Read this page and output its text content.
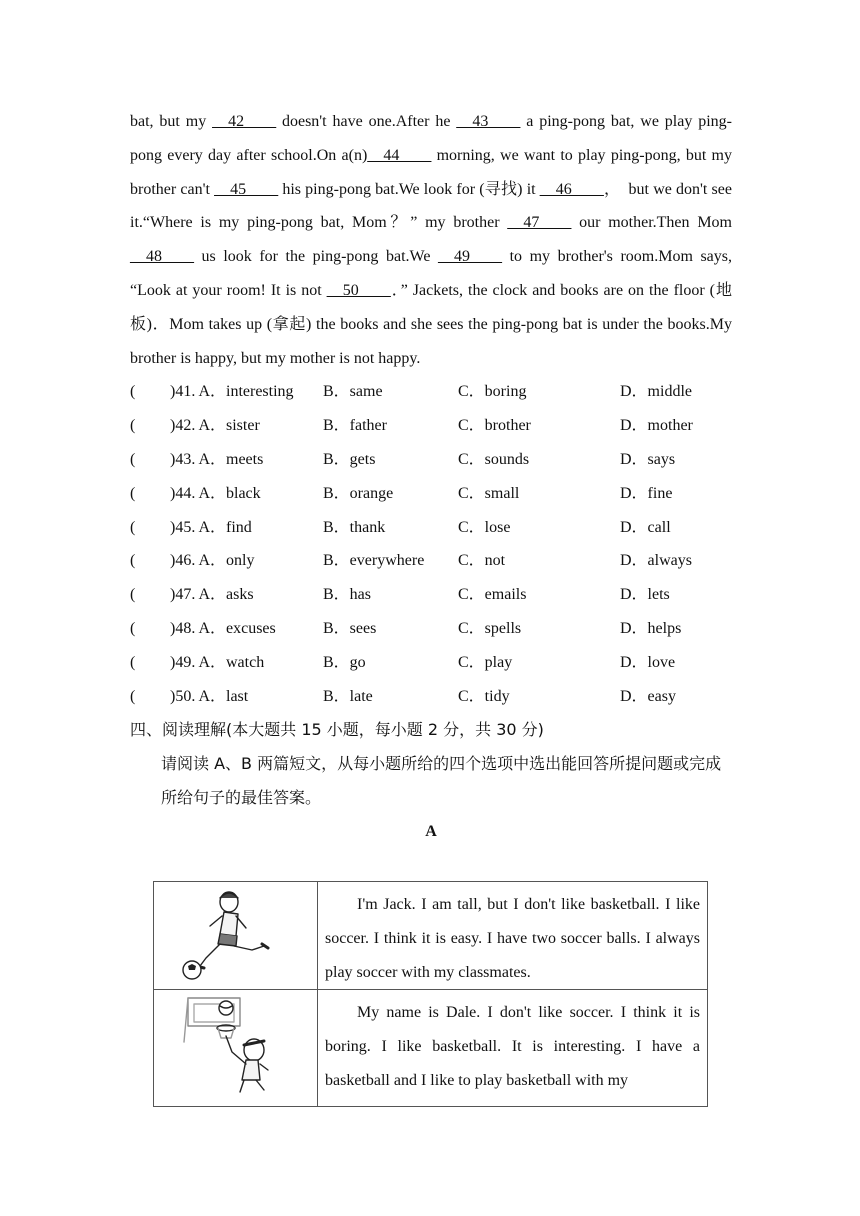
bat, but my __42____ doesn't have one.After he __43____ a ping-pong bat, we play ping-pong every day after school.On a(n)__44____ morning, we want to play ping-pong, but my brother can't __45____ his ping-pong bat.We look for (寻找) it __46____，  but we don't see it.“Where is my ping-pong bat, Mom？” my brother __47____ our mother.Then Mom __48____ us look for the ping-pong bat.We __49____ to my brother's room.Mom says, “Look at your room! It is not __50____．” Jackets, the clock and books are on the floor (地板)．Mom takes up (拿起) the books and she sees the ping-pong bat is under the books.My brother is happy, but my mother is not happy.

( )41. A．interesting B．same	C．boring	D．middle
( )42. A．sister	B．father	C．brother	D．mother
( )43. A．meets	B．gets	C．sounds	D．says
( )44. A．black	B．orange	C．small	D．fine
( )45. A．find	B．thank	C．lose	D．call
( )46. A．only	B．everywhere C．not	D．always
( )47. A．asks	B．has	C．emails	D．lets
( )48. A．excuses	B．sees	C．spells	D．helps
( )49. A．watch	B．go	C．play	D．love
( )50. A．last	B．late	C．tidy	D．easy

四、阅读理解(本大题共 15 小题，每小题 2 分，共 30 分)

请阅读 A、B 两篇短文，从每小题所给的四个选项中选出能回答所提问题或完成所给句子的最佳答案。

A

	I'm Jack. I am tall, but I don't like basketball. I like soccer. I think it is easy. I have two soccer balls. I always play soccer with my classmates.
	My name is Dale. I don't like soccer. I think it is boring. I like basketball. It is interesting. I have a basketball and I like to play basketball with my
